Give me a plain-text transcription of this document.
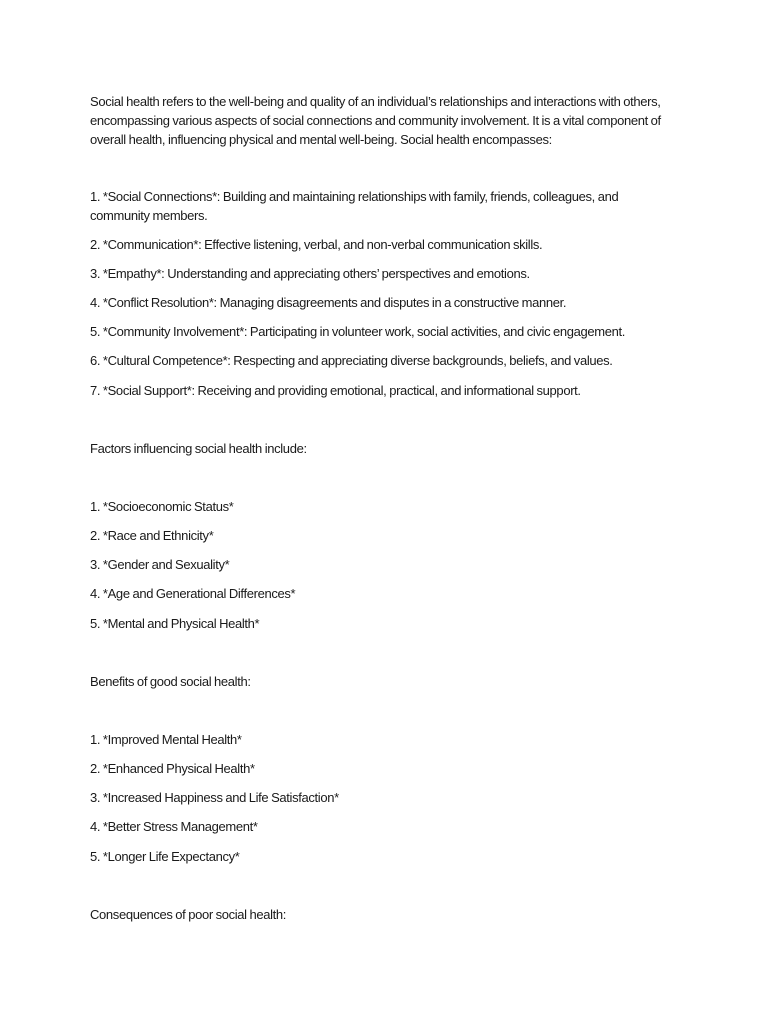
Social health refers to the well-being and quality of an individual’s relationships and interactions with others, encompassing various aspects of social connections and community involvement. It is a vital component of overall health, influencing physical and mental well-being. Social health encompasses:
1. *Social Connections*: Building and maintaining relationships with family, friends, colleagues, and community members.
2. *Communication*: Effective listening, verbal, and non-verbal communication skills.
3. *Empathy*: Understanding and appreciating others’ perspectives and emotions.
4. *Conflict Resolution*: Managing disagreements and disputes in a constructive manner.
5. *Community Involvement*: Participating in volunteer work, social activities, and civic engagement.
6. *Cultural Competence*: Respecting and appreciating diverse backgrounds, beliefs, and values.
7. *Social Support*: Receiving and providing emotional, practical, and informational support.
Factors influencing social health include:
1. *Socioeconomic Status*
2. *Race and Ethnicity*
3. *Gender and Sexuality*
4. *Age and Generational Differences*
5. *Mental and Physical Health*
Benefits of good social health:
1. *Improved Mental Health*
2. *Enhanced Physical Health*
3. *Increased Happiness and Life Satisfaction*
4. *Better Stress Management*
5. *Longer Life Expectancy*
Consequences of poor social health:
